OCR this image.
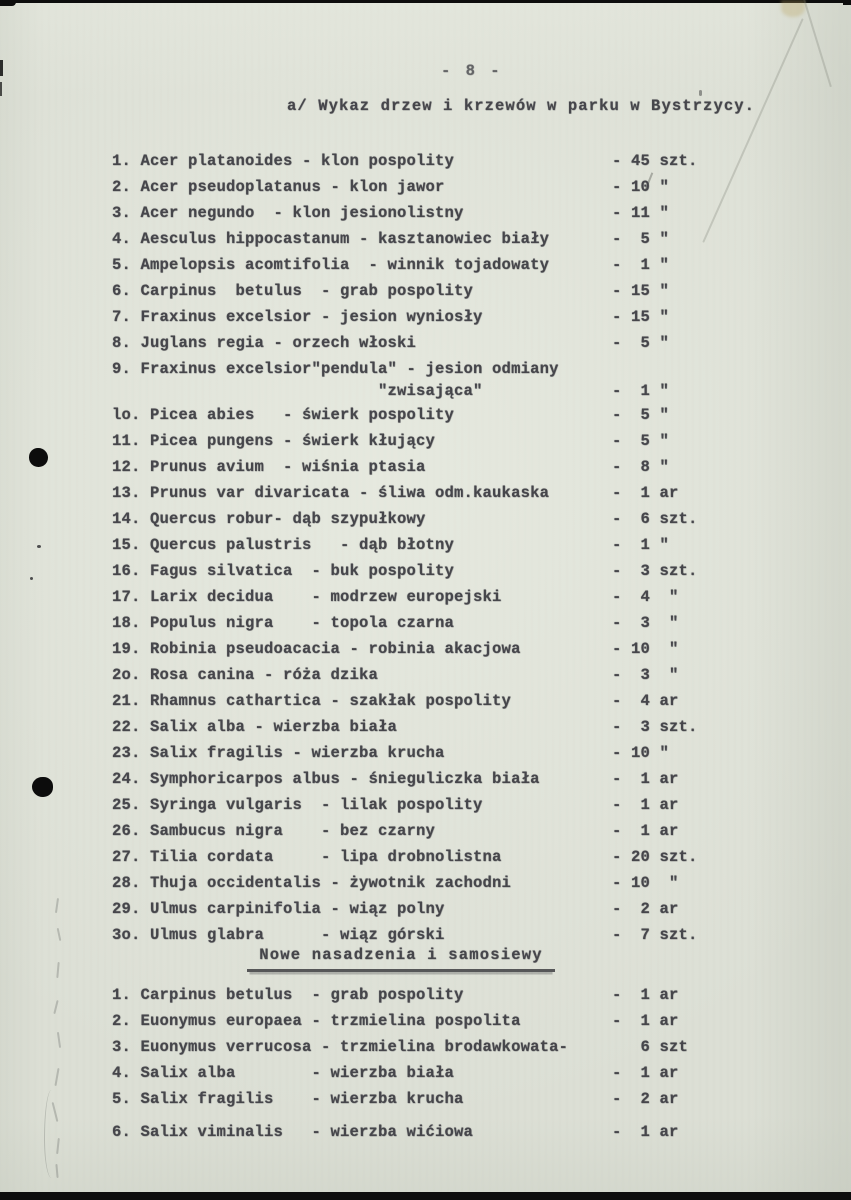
- 8 -
a/ Wykaz drzew i krzewów w parku w Bystrzycy.
1. Acer platanoides - klon pospolity	- 45 szt.
2. Acer pseudoplatanus - klon jawor	- 10 "
3. Acer negundo  - klon jesionolistny	- 11 "
4. Aesculus hippocastanum - kasztanowiec biały	-  5 "
5. Ampelopsis acomtifolia  - winnik tojadowaty	-  1 "
6. Carpinus  betulus  - grab pospolity	- 15 "
7. Fraxinus excelsior - jesion wyniosły	- 15 "
8. Juglans regia - orzech włoski	-  5 "
9. Fraxinus excelsior"pendula" - jesion odmiany
"zwisająca"	-  1 "
lo. Picea abies   - świerk pospolity	-  5 "
11. Picea pungens - świerk kłujący	-  5 "
12. Prunus avium  - wiśnia ptasia	-  8 "
13. Prunus var divaricata - śliwa odm.kaukaska	-  1 ar
14. Quercus robur- dąb szypułkowy	-  6 szt.
15. Quercus palustris   - dąb błotny	-  1 "
16. Fagus silvatica  - buk pospolity	-  3 szt.
17. Larix decidua    - modrzew europejski	-  4  "
18. Populus nigra    - topola czarna	-  3  "
19. Robinia pseudoacacia - robinia akacjowa	- 10  "
2o. Rosa canina - róża dzika	-  3  "
21. Rhamnus cathartica - szakłak pospolity	-  4 ar
22. Salix alba - wierzba biała	-  3 szt.
23. Salix fragilis - wierzba krucha	- 10 "
24. Symphoricarpos albus - śnieguliczka biała	-  1 ar
25. Syringa vulgaris  - lilak pospolity	-  1 ar
26. Sambucus nigra    - bez czarny	-  1 ar
27. Tilia cordata     - lipa drobnolistna	- 20 szt.
28. Thuja occidentalis - żywotnik zachodni	- 10  "
29. Ulmus carpinifolia - wiąz polny	-  2 ar
3o. Ulmus glabra      - wiąz górski	-  7 szt.
Nowe nasadzenia i samosiewy
1. Carpinus betulus  - grab pospolity	-  1 ar
2. Euonymus europaea - trzmielina pospolita	-  1 ar
3. Euonymus verrucosa - trzmielina brodawkowata-	6 szt
4. Salix alba        - wierzba biała	-  1 ar
5. Salix fragilis    - wierzba krucha	-  2 ar
6. Salix viminalis   - wierzba wićiowa	-  1 ar
